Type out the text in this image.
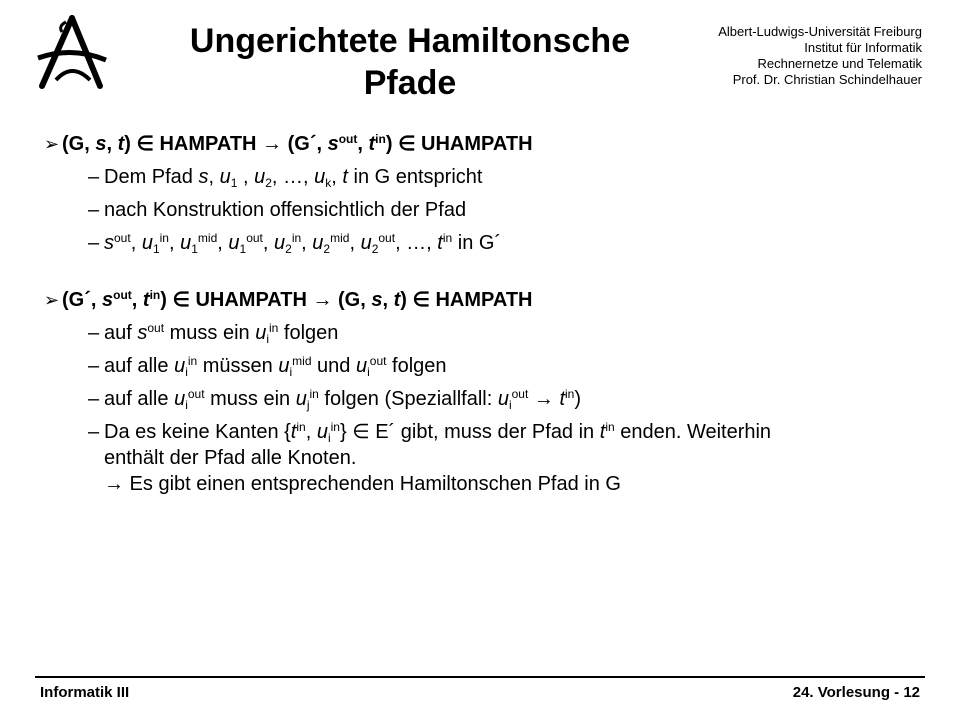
Ungerichtete Hamiltonsche
Pfade
Albert-Ludwigs-Universität Freiburg
Institut für Informatik
Rechnernetze und Telematik
Prof. Dr. Christian Schindelhauer
➢ (G, s, t) ∈ HAMPATH → (G´, $s^{out}$, $t^{in}$) ∈ UHAMPATH
– Dem Pfad s, $u_1$ , $u_2$, …, $u_k$, t in G entspricht
– nach Konstruktion offensichtlich der Pfad
– $s^{out}$, $u_1^{in}$, $u_1^{mid}$, $u_1^{out}$, $u_2^{in}$, $u_2^{mid}$, $u_2^{out}$, …, $t^{in}$ in G´
➢ (G´, $s^{out}$, $t^{in}$) ∈ UHAMPATH → (G, s, t) ∈ HAMPATH
– auf $s^{out}$ muss ein $u_i^{in}$ folgen
– auf alle $u_i^{in}$ müssen $u_i^{mid}$ und $u_i^{out}$ folgen
– auf alle $u_i^{out}$ muss ein $u_j^{in}$ folgen (Speziallfall: $u_i^{out} \to t^{in}$)
– Da es keine Kanten {$t^{in}$, $u_i^{in}$} ∈ E´ gibt, muss der Pfad in $t^{in}$ enden. Weiterhin
enthält der Pfad alle Knoten.
→ Es gibt einen entsprechenden Hamiltonschen Pfad in G
Informatik III	24. Vorlesung - 12
